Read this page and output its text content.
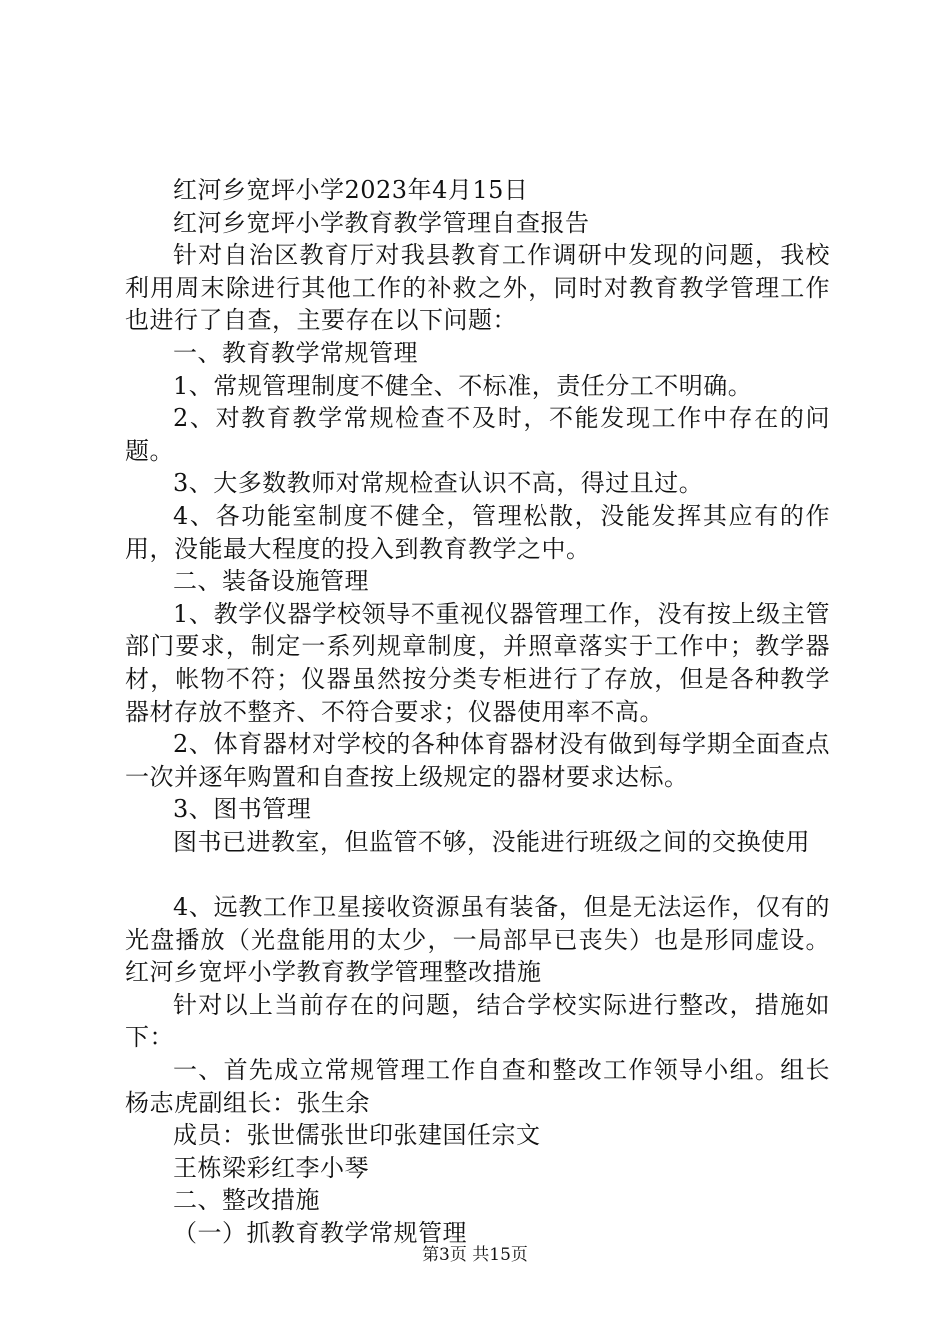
红河乡宽坪小学2023年4月15日

红河乡宽坪小学教育教学管理自查报告

针对自治区教育厅对我县教育工作调研中发现的问题，我校利用周末除进行其他工作的补救之外，同时对教育教学管理工作也进行了自查，主要存在以下问题：

一、教育教学常规管理

1、常规管理制度不健全、不标准，责任分工不明确。

2、对教育教学常规检查不及时，不能发现工作中存在的问题。

3、大多数教师对常规检查认识不高，得过且过。

4、各功能室制度不健全，管理松散，没能发挥其应有的作用，没能最大程度的投入到教育教学之中。

二、装备设施管理

1、教学仪器学校领导不重视仪器管理工作，没有按上级主管部门要求，制定一系列规章制度，并照章落实于工作中；教学器材，帐物不符；仪器虽然按分类专柜进行了存放，但是各种教学器材存放不整齐、不符合要求；仪器使用率不高。

2、体育器材对学校的各种体育器材没有做到每学期全面查点一次并逐年购置和自查按上级规定的器材要求达标。

3、图书管理

图书已进教室，但监管不够，没能进行班级之间的交换使用

4、远教工作卫星接收资源虽有装备，但是无法运作，仅有的光盘播放（光盘能用的太少，一局部早已丧失）也是形同虚设。红河乡宽坪小学教育教学管理整改措施

针对以上当前存在的问题，结合学校实际进行整改，措施如下：

一、首先成立常规管理工作自查和整改工作领导小组。组长杨志虎副组长：张生余

成员：张世儒张世印张建国任宗文

王栋梁彩红李小琴

二、整改措施

（一）抓教育教学常规管理

第3页 共15页
